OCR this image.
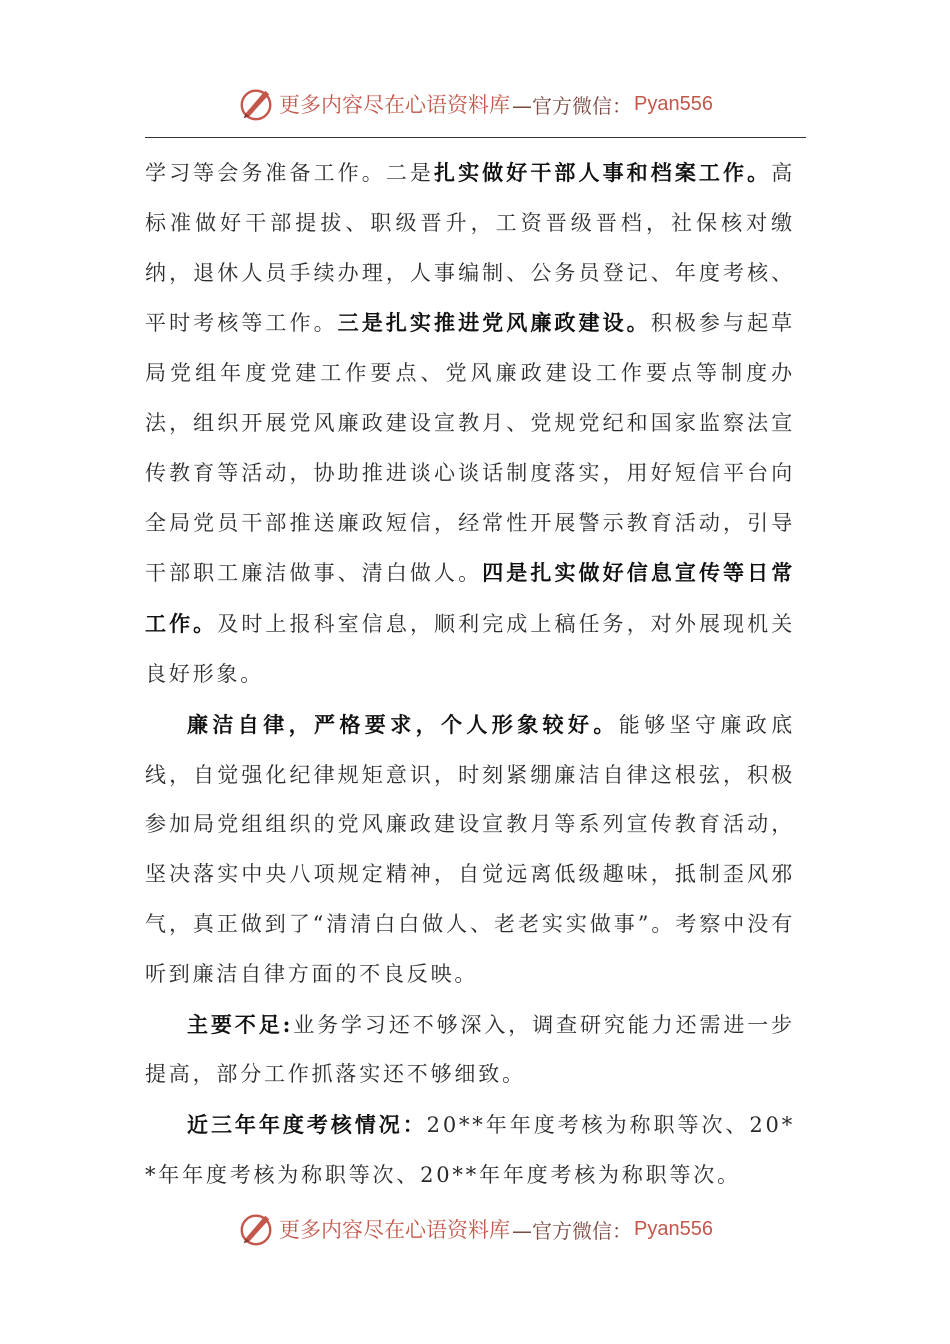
更多内容尽在心语资料库 —官方微信： Pyan556

学习等会务准备工作。二是扎实做好干部人事和档案工作。高标准做好干部提拔、职级晋升，工资晋级晋档，社保核对缴纳，退休人员手续办理，人事编制、公务员登记、年度考核、平时考核等工作。三是扎实推进党风廉政建设。积极参与起草局党组年度党建工作要点、党风廉政建设工作要点等制度办法，组织开展党风廉政建设宣教月、党规党纪和国家监察法宣传教育等活动，协助推进谈心谈话制度落实，用好短信平台向全局党员干部推送廉政短信，经常性开展警示教育活动，引导干部职工廉洁做事、清白做人。四是扎实做好信息宣传等日常工作。及时上报科室信息，顺利完成上稿任务，对外展现机关良好形象。

廉洁自律，严格要求，个人形象较好。能够坚守廉政底线，自觉强化纪律规矩意识，时刻紧绷廉洁自律这根弦，积极参加局党组组织的党风廉政建设宣教月等系列宣传教育活动，坚决落实中央八项规定精神，自觉远离低级趣味，抵制歪风邪气，真正做到了“清清白白做人、老老实实做事”。考察中没有听到廉洁自律方面的不良反映。

主要不足:业务学习还不够深入，调查研究能力还需进一步提高，部分工作抓落实还不够细致。

近三年年度考核情况：20**年年度考核为称职等次、20**年年度考核为称职等次、20**年年度考核为称职等次。

更多内容尽在心语资料库 —官方微信： Pyan556
